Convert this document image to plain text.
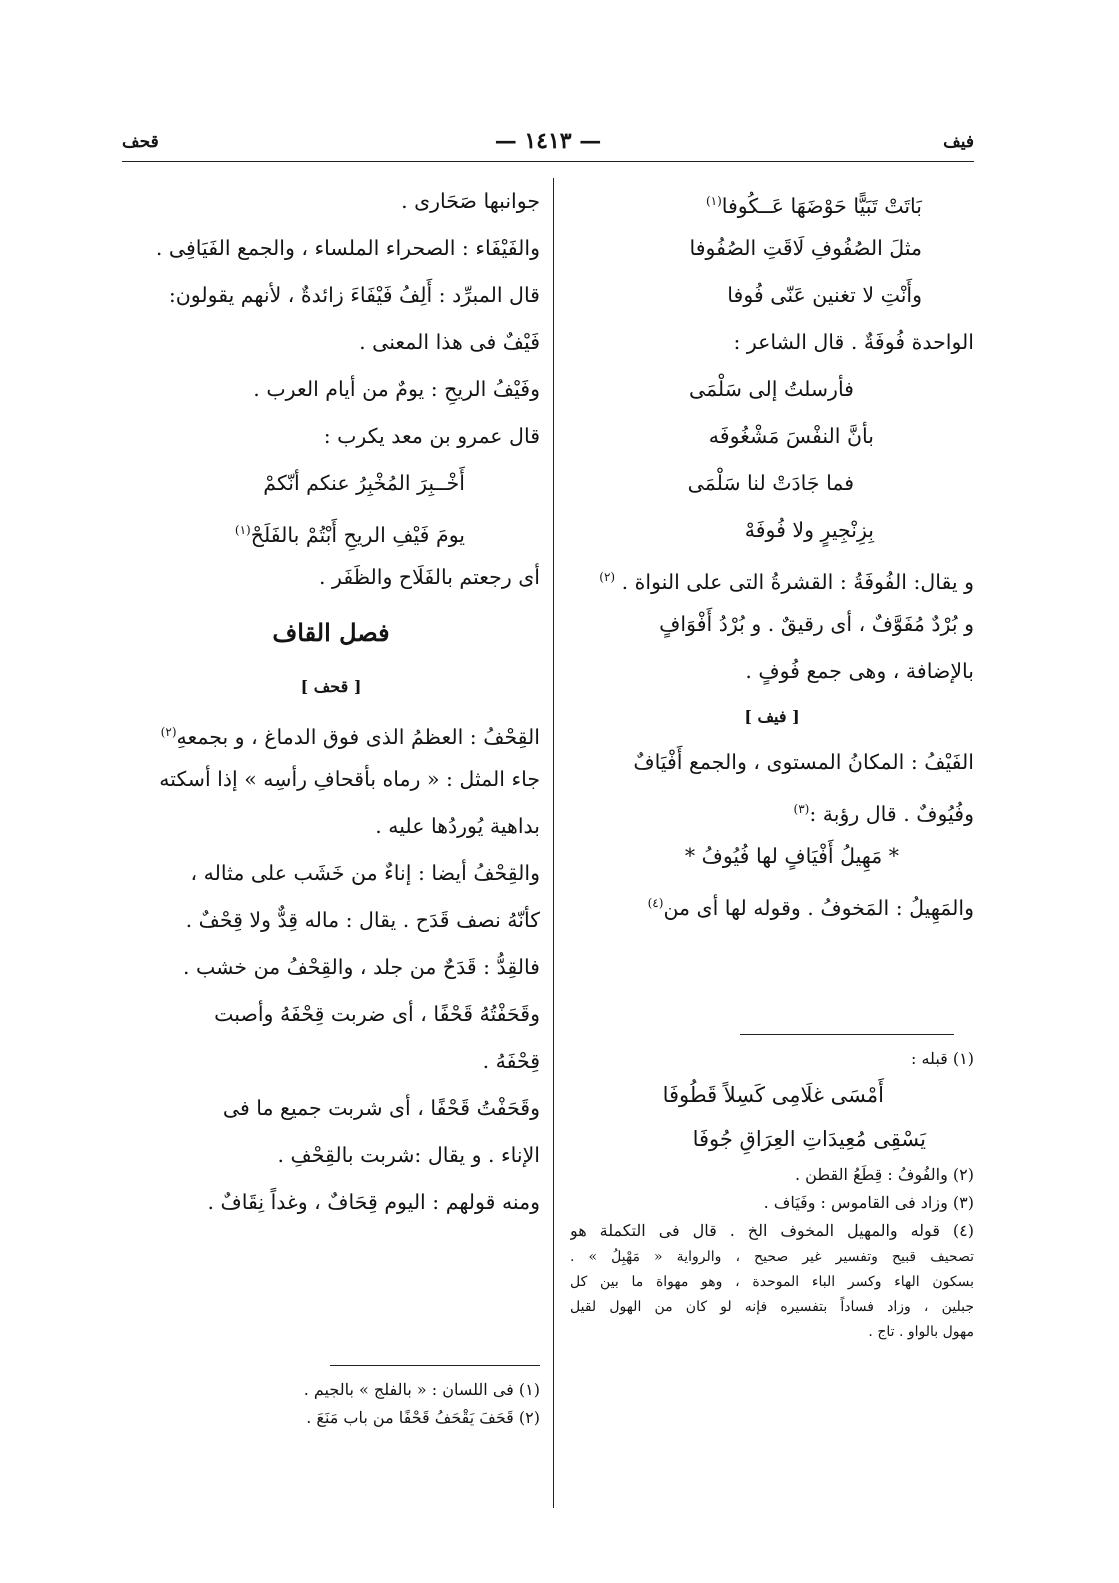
فيف
— ١٤١٣ —
قحف
بَاتَتْ تَبَيًّا حَوْضَهَا عَــكُوفا$^{(١)}$
مثلَ الصُفُوفِ لَاقَتِ الصُفُوفا
وأَنْتِ لا تغنين عَنّى فُوفا
الواحدة فُوفَةٌ . قال الشاعر :
فأرسلتُ إلى سَلْمَى
بأنَّ النفْسَ مَشْغُوفَه
فما جَادَتْ لنا سَلْمَى
بِزِنْجِيرٍ ولا فُوفَهْ
و يقال: الفُوفَةُ : القشرةُ التى على النواة . $^{(٢)}$
و بُرْدٌ مُفَوَّفٌ ، أى رقيقٌ . و بُرْدُ أَفْوَافٍ
بالإضافة ، وهى جمع فُوفٍ .
[ فيف ]
الفَيْفُ : المكانُ المستوى ، والجمع أَفْيَافٌ
وفُيُوفٌ . قال رؤبة :$^{(٣)}$
* مَهِيلُ أَفْيَافٍ لها فُيُوفُ *
والمَهِيلُ : المَخوفُ . وقوله لها أى من$^{(٤)}$
(١) قبله :
أَمْسَى غلَامِى كَسِلاً قَطُوفَا
يَسْقِى مُعِيدَاتِ العِرَاقِ جُوفَا
(٢) والفُوفُ : قِطَعُ القطن .
(٣) وزاد فى القاموس : وفَيَاف .
(٤) قوله والمهيل المخوف الخ . قال فى التكملة هو
تصحيف قبيح وتفسير غير صحيح ، والرواية « مَهْبِلُ » .
بسكون الهاء وكسر الباء الموحدة ، وهو مهواة ما بين كل
جبلين ، وزاد فساداً بتفسيره فإنه لو كان من الهول لقيل
مهول بالواو . تاج .
جوانبها صَحَارى .
والفَيْفَاء : الصحراء الملساء ، والجمع الفَيَافِى .
قال المبرِّد : أَلِفُ فَيْفَاءَ زائدةٌ ، لأنهم يقولون:
فَيْفٌ فى هذا المعنى .
وفَيْفُ الريحِ : يومٌ من أيام العرب .
قال عمرو بن معد يكرب :
أَخْــبِرَ المُخْبِرُ عنكم أنّكمْ
يومَ فَيْفِ الريحِ أَبْتُمْ بالفَلَحْ$^{(١)}$
أى رجعتم بالفَلَاح والظَفَر .
فصل القاف
[ قحف ]
القِحْفُ : العظمُ الذى فوق الدماغ ، و بجمعهِ$^{(٢)}$
جاء المثل : « رماه بأقحافِ رأسِه » إذا أسكته
بداهية يُوردُها عليه .
والقِحْفُ أيضا : إناءٌ من خَشَب على مثاله ،
كأنّهُ نصف قَدَح . يقال : ماله قِدٌّ ولا قِحْفٌ .
فالقِدُّ : قَدَحٌ من جلد ، والقِحْفُ من خشب .
وقَحَفْتُهُ قَحْفًا ، أى ضربت قِحْفَهُ وأصبت
قِحْفَهُ .
وقَحَفْتُ قَحْفًا ، أى شربت جميع ما فى
الإناء . و يقال :شربت بالقِحْفِ .
ومنه قولهم : اليوم قِحَافٌ ، وغداً نِقَافٌ .
(١) فى اللسان : « بالفلج » بالجيم .
(٢) قَحَفَ يَقْحَفُ قَحْفًا من باب مَنَعَ .
